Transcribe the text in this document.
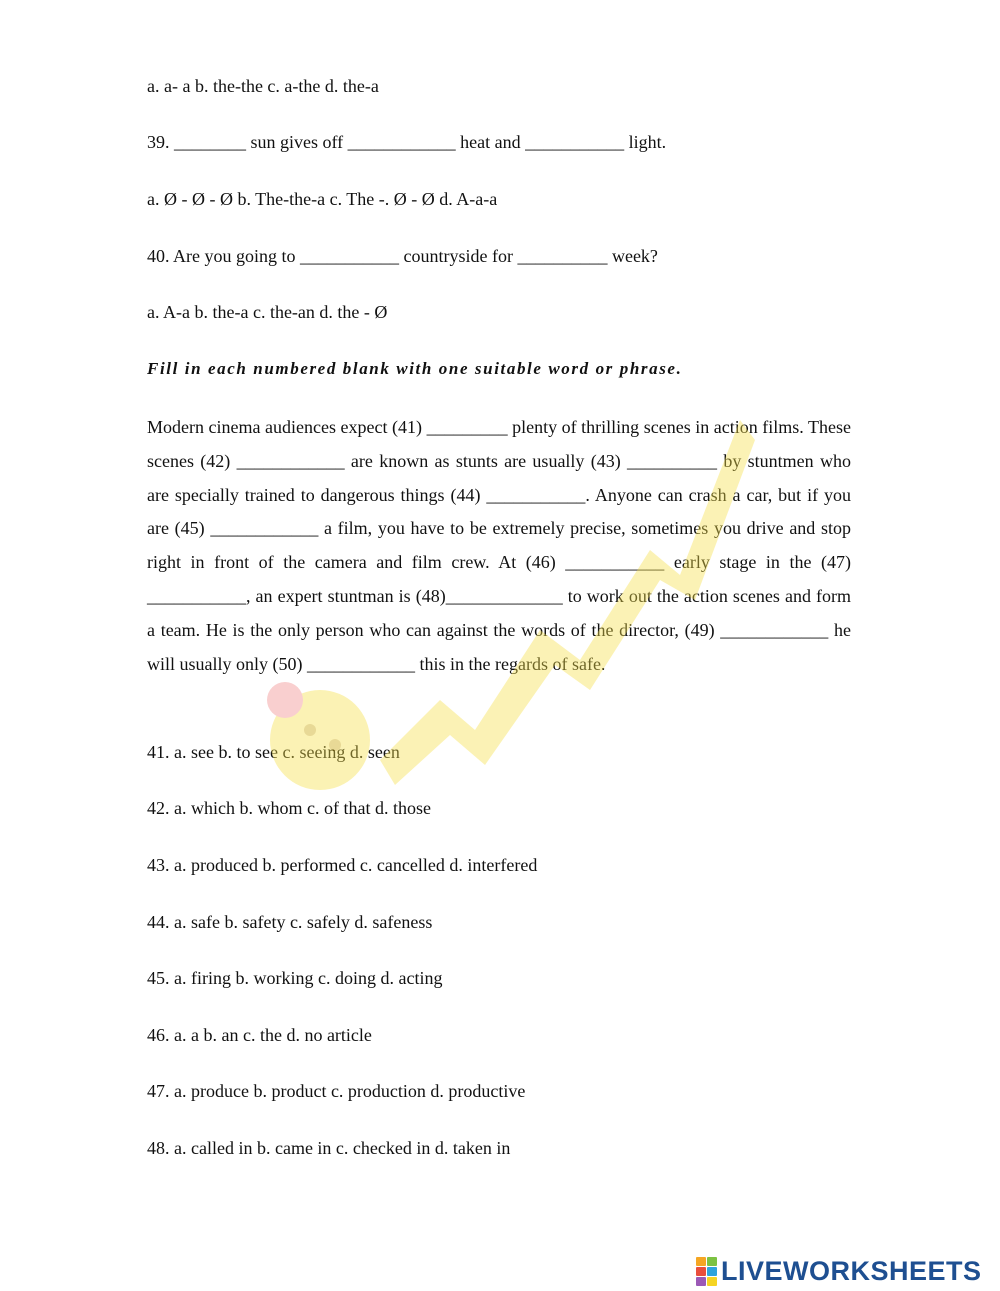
a. a- a b. the-the c. a-the d. the-a
39. ________ sun gives off ____________ heat and ___________ light.
a. Ø - Ø - Ø b. The-the-a c. The -. Ø - Ø d. A-a-a
40. Are you going to ___________ countryside for __________ week?
a. A-a b. the-a c. the-an d. the - Ø
Fill in each numbered blank with one suitable word or phrase.
Modern cinema audiences expect (41) _________ plenty of thrilling scenes in action films. These scenes (42) ____________ are known as stunts are usually (43) __________ by stuntmen who are specially trained to dangerous things (44) ___________. Anyone can crash a car, but if you are (45) ____________ a film, you have to be extremely precise, sometimes you drive and stop right in front of the camera and film crew. At (46) ___________ early stage in the (47) ___________, an expert stuntman is (48)_____________ to work out the action scenes and form a team. He is the only person who can against the words of the director, (49) ____________ he will usually only (50) ____________ this in the regards of safe.
41. a. see b. to see c. seeing d. seen
42. a. which b. whom c. of that d. those
43. a. produced b. performed c. cancelled d. interfered
44. a. safe b. safety c. safely d. safeness
45. a. firing b. working c. doing d. acting
46. a. a b. an c. the d. no article
47. a. produce b. product c. production d. productive
48. a. called in b. came in c. checked in d. taken in
LIVEWORKSHEETS
